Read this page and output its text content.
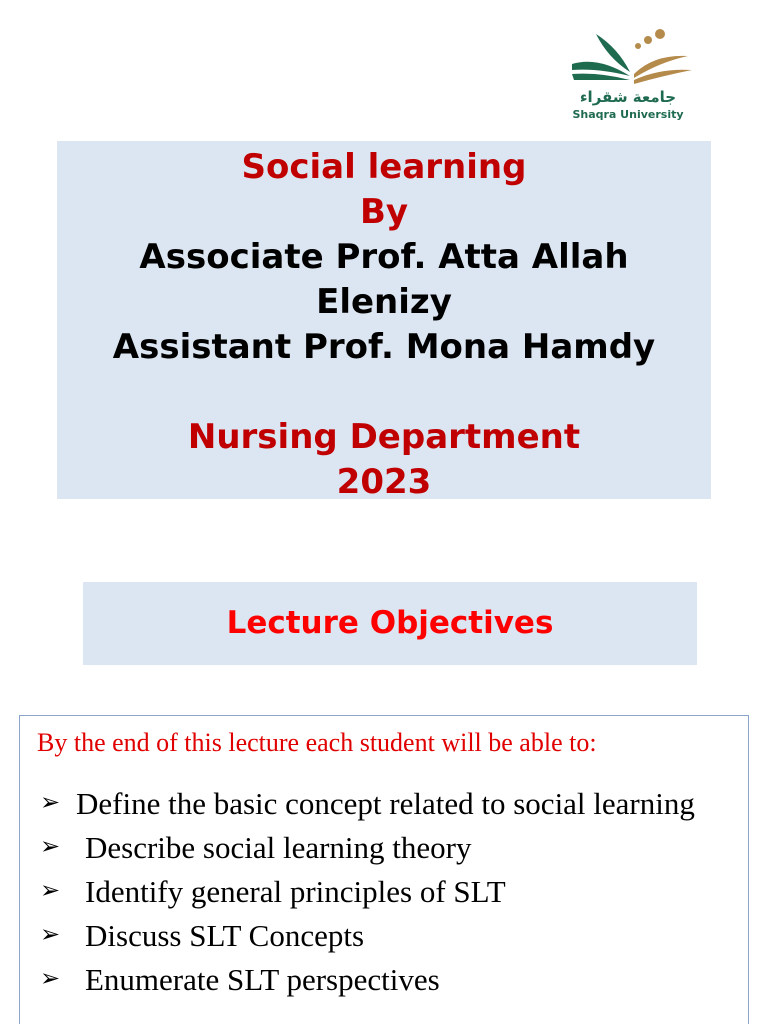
جامعة شقراء
Shaqra University
Social learning
By
Associate Prof. Atta Allah
Elenizy
Assistant Prof. Mona Hamdy
Nursing Department
2023
Lecture Objectives
By the end of this lecture each student will be able to:
➢ Define the basic concept related to social learning
➢ Describe social learning theory
➢ Identify general principles of SLT
➢ Discuss SLT Concepts
➢ Enumerate SLT perspectives
